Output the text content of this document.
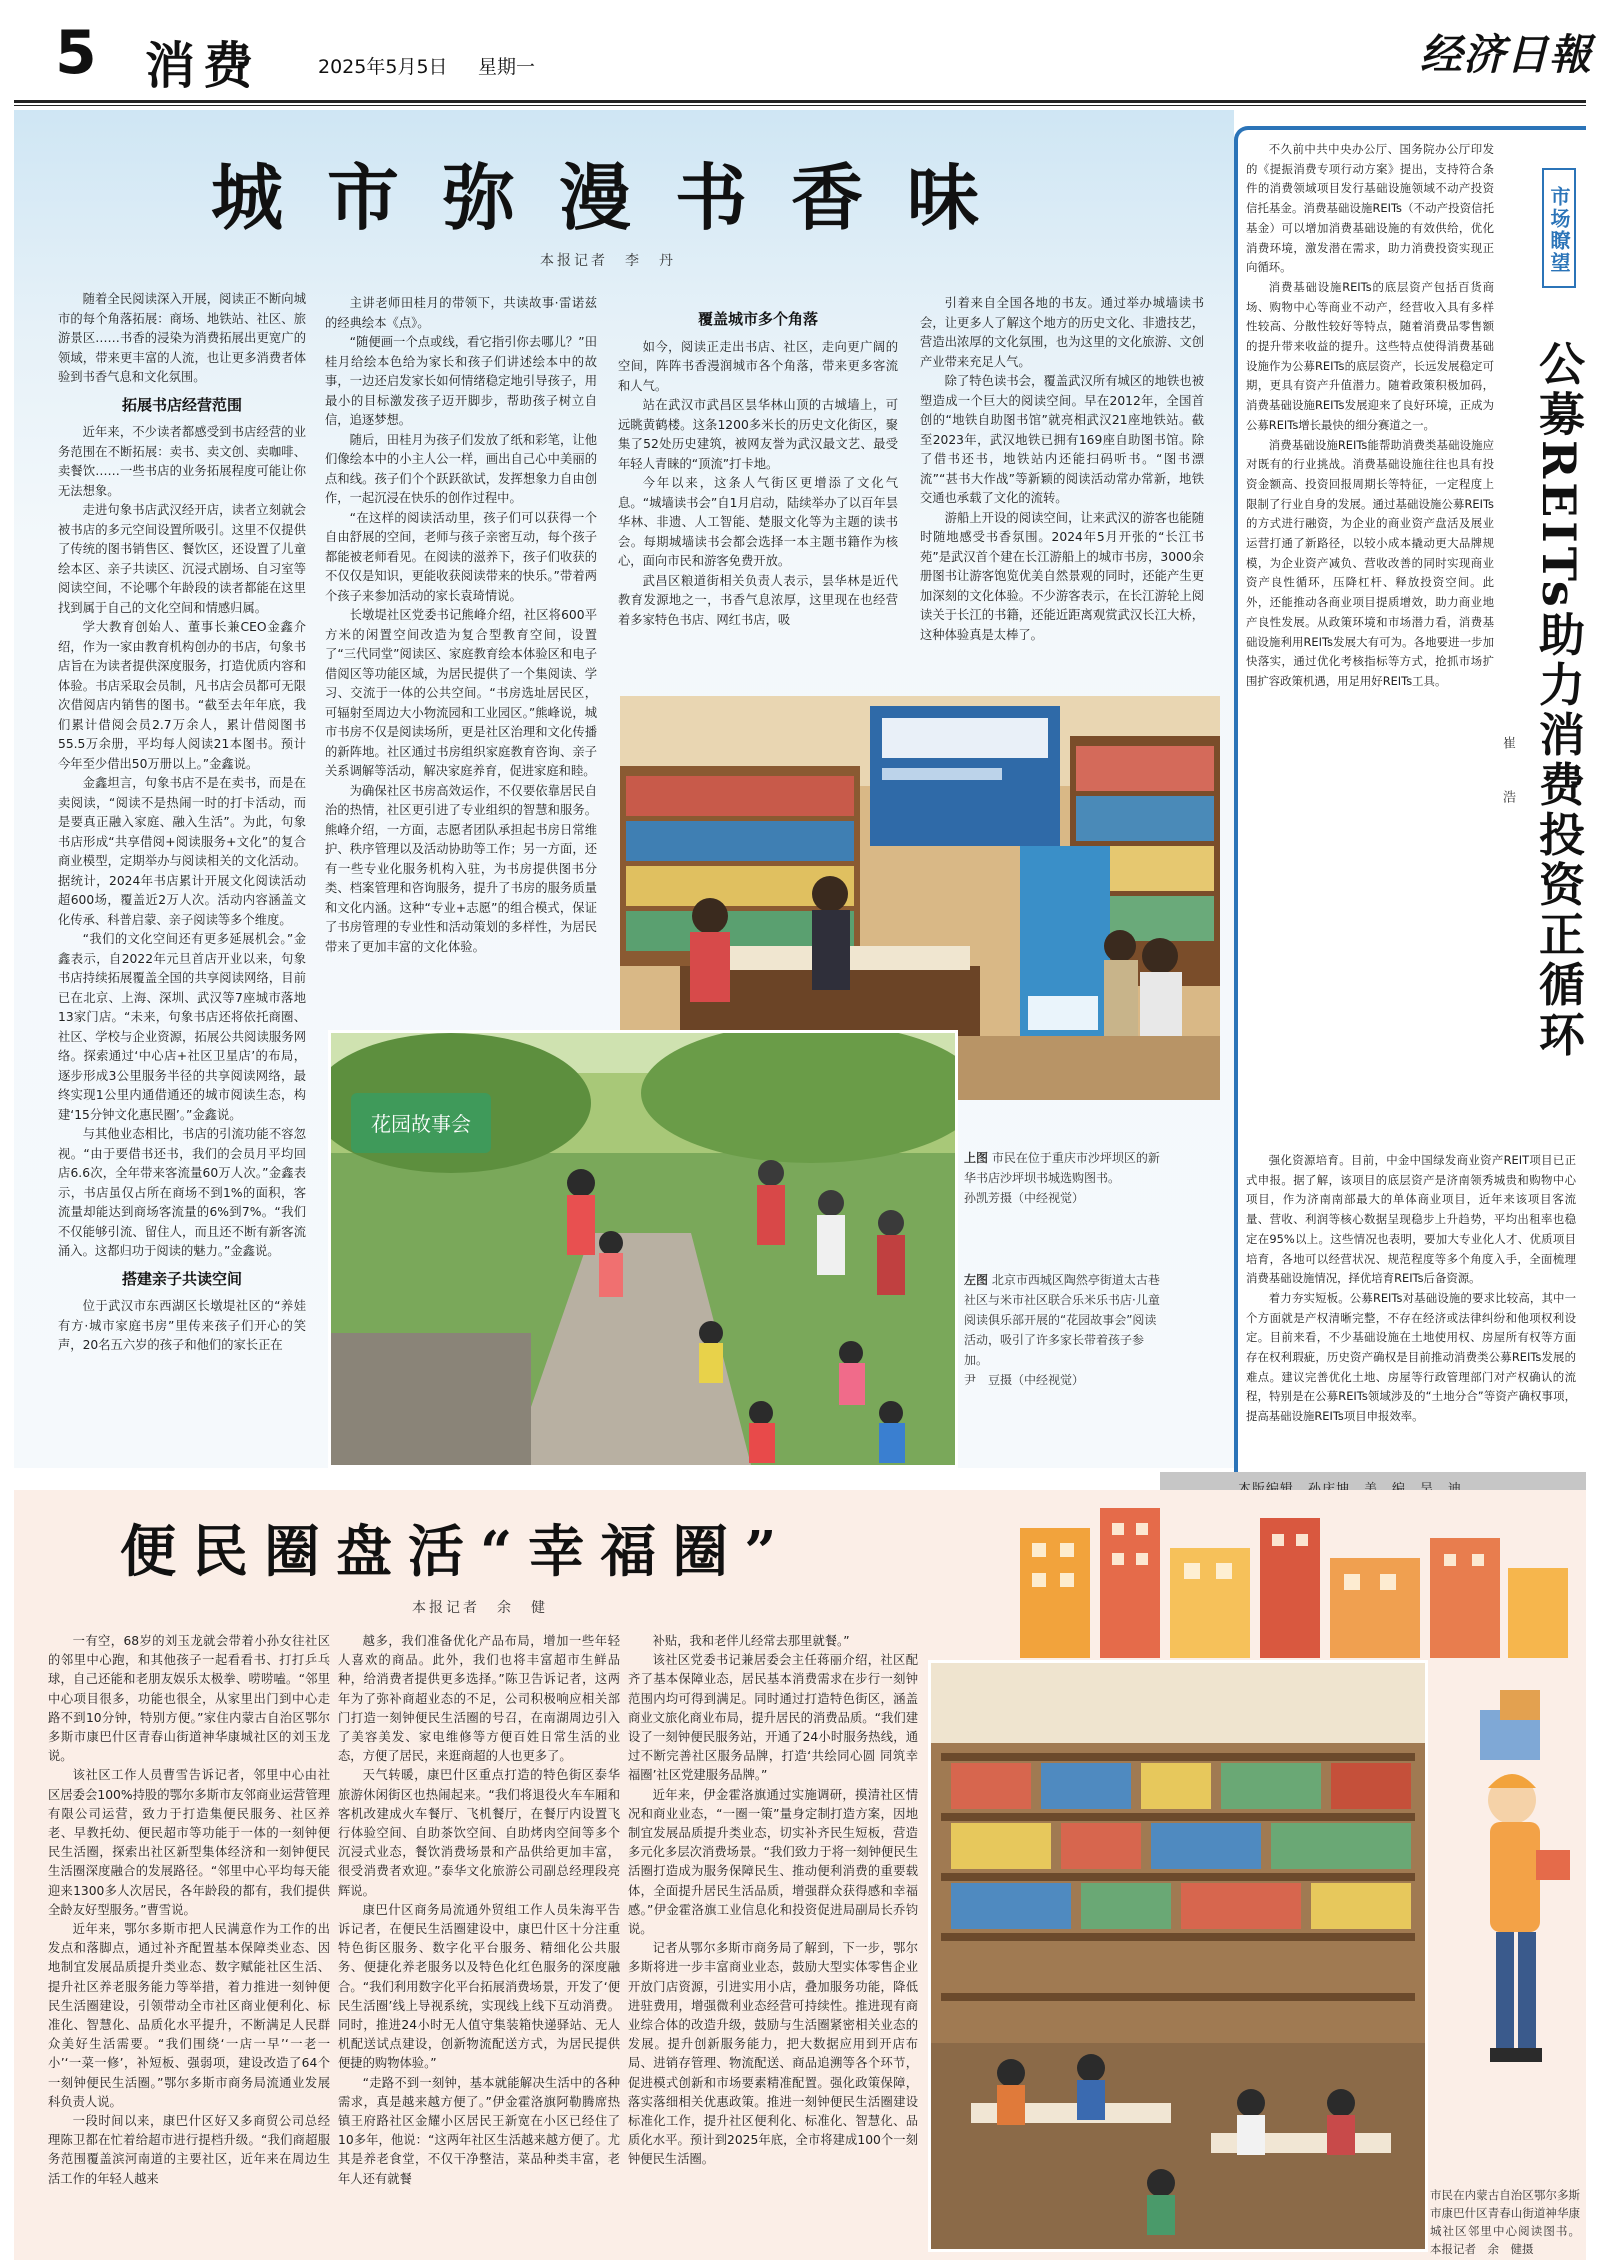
5 消费	2025年5月5日 星期一	经济日報
城市弥漫书香味
本报记者　李　丹

随着全民阅读深入开展，阅读正不断向城市的每个角落拓展：商场、地铁站、社区、旅游景区……书香的浸染为消费拓展出更宽广的领域，带来更丰富的人流，也让更多消费者体验到书香气息和文化氛围。

拓展书店经营范围

近年来，不少读者都感受到书店经营的业务范围在不断拓展：卖书、卖文创、卖咖啡、卖餐饮……一些书店的业务拓展程度可能让你无法想象。

走进句象书店武汉经开店，读者立刻就会被书店的多元空间设置所吸引。这里不仅提供了传统的图书销售区、餐饮区，还设置了儿童绘本区、亲子共读区、沉浸式剧场、自习室等阅读空间，不论哪个年龄段的读者都能在这里找到属于自己的文化空间和情感归属。

学大教育创始人、董事长兼CEO金鑫介绍，作为一家由教育机构创办的书店，句象书店旨在为读者提供深度服务，打造优质内容和体验。书店采取会员制，凡书店会员都可无限次借阅店内销售的图书。“截至去年年底，我们累计借阅会员2.7万余人，累计借阅图书55.5万余册，平均每人阅读21本图书。预计今年至少借出50万册以上。”金鑫说。

金鑫坦言，句象书店不是在卖书，而是在卖阅读，“阅读不是热闹一时的打卡活动，而是要真正融入家庭、融入生活”。为此，句象书店形成“共享借阅+阅读服务+文化”的复合商业模型，定期举办与阅读相关的文化活动。据统计，2024年书店累计开展文化阅读活动超600场，覆盖近2万人次。活动内容涵盖文化传承、科普启蒙、亲子阅读等多个维度。

“我们的文化空间还有更多延展机会。”金鑫表示，自2022年元旦首店开业以来，句象书店持续拓展覆盖全国的共享阅读网络，目前已在北京、上海、深圳、武汉等7座城市落地13家门店。“未来，句象书店还将依托商圈、社区、学校与企业资源，拓展公共阅读服务网络。探索通过‘中心店+社区卫星店’的布局，逐步形成3公里服务半径的共享阅读网络，最终实现1公里内通借通还的城市阅读生态，构建‘15分钟文化惠民圈’。”金鑫说。

与其他业态相比，书店的引流功能不容忽视。“由于要借书还书，我们的会员月平均回店6.6次，全年带来客流量60万人次。”金鑫表示，书店虽仅占所在商场不到1%的面积，客流量却能达到商场客流量的6%到7%。“我们不仅能够引流、留住人，而且还不断有新客流涌入。这都归功于阅读的魅力。”金鑫说。

搭建亲子共读空间

位于武汉市东西湖区长墩堤社区的“养娃有方·城市家庭书房”里传来孩子们开心的笑声，20名五六岁的孩子和他们的家长正在

主讲老师田桂月的带领下，共读故事·雷诺兹的经典绘本《点》。

“随便画一个点或线，看它指引你去哪儿？”田桂月给绘本色给为家长和孩子们讲述绘本中的故事，一边还启发家长如何情绪稳定地引导孩子，用最小的目标激发孩子迈开脚步，帮助孩子树立自信，追逐梦想。

随后，田桂月为孩子们发放了纸和彩笔，让他们像绘本中的小主人公一样，画出自己心中美丽的点和线。孩子们个个跃跃欲试，发挥想象力自由创作，一起沉浸在快乐的创作过程中。

“在这样的阅读活动里，孩子们可以获得一个自由舒展的空间，老师与孩子亲密互动，每个孩子都能被老师看见。在阅读的滋养下，孩子们收获的不仅仅是知识，更能收获阅读带来的快乐。”带着两个孩子来参加活动的家长袁琦情说。

长墩堤社区党委书记熊峰介绍，社区将600平方米的闲置空间改造为复合型教育空间，设置了“三代同堂”阅读区、家庭教育绘本体验区和电子借阅区等功能区域，为居民提供了一个集阅读、学习、交流于一体的公共空间。“书房选址居民区，可辐射至周边大小物流园和工业园区。”熊峰说，城市书房不仅是阅读场所，更是社区治理和文化传播的新阵地。社区通过书房组织家庭教育咨询、亲子关系调解等活动，解决家庭养育，促进家庭和睦。

为确保社区书房高效运作，不仅要依靠居民自治的热情，社区更引进了专业组织的智慧和服务。熊峰介绍，一方面，志愿者团队承担起书房日常维护、秩序管理以及活动协助等工作；另一方面，还有一些专业化服务机构入驻，为书房提供图书分类、档案管理和咨询服务，提升了书房的服务质量和文化内涵。这种“专业+志愿”的组合模式，保证了书房管理的专业性和活动策划的多样性，为居民带来了更加丰富的文化体验。

覆盖城市多个角落

如今，阅读正走出书店、社区，走向更广阔的空间，阵阵书香漫润城市各个角落，带来更多客流和人气。

站在武汉市武昌区昙华林山顶的古城墙上，可远眺黄鹤楼。这条1200多米长的历史文化街区，聚集了52处历史建筑，被网友誉为武汉最文艺、最受年轻人青睐的“顶流”打卡地。

今年以来，这条人气街区更增添了文化气息。“城墙读书会”自1月启动，陆续举办了以百年昙华林、非遗、人工智能、楚服文化等为主题的读书会。每期城墙读书会都会选择一本主题书籍作为核心，面向市民和游客免费开放。

武昌区粮道街相关负责人表示，昙华林是近代教育发源地之一，书香气息浓厚，这里现在也经营着多家特色书店、网红书店，吸

引着来自全国各地的书友。通过举办城墙读书会，让更多人了解这个地方的历史文化、非遗技艺，营造出浓厚的文化氛围，也为这里的文化旅游、文创产业带来充足人气。

除了特色读书会，覆盖武汉所有城区的地铁也被塑造成一个巨大的阅读空间。早在2012年，全国首创的“地铁自助图书馆”就亮相武汉21座地铁站。截至2023年，武汉地铁已拥有169座自助图书馆。除了借书还书，地铁站内还能扫码听书。“图书漂流”“甚书大作战”等新颖的阅读活动常办常新，地铁交通也承载了文化的流转。

游船上开设的阅读空间，让来武汉的游客也能随时随地感受书香氛围。2024年5月开张的“长江书苑”是武汉首个建在长江游船上的城市书房，3000余册图书让游客饱览优美自然景观的同时，还能产生更加深刻的文化体验。不少游客表示，在长江游轮上阅读关于长江的书籍，还能近距离观赏武汉长江大桥，这种体验真是太棒了。

花园故事会
上图 市民在位于重庆市沙坪坝区的新华书店沙坪坝书城选购图书。
孙凯芳摄（中经视觉）
左图 北京市西城区陶然亭街道太古巷社区与米市社区联合乐米乐书店·儿童阅读俱乐部开展的“花园故事会”阅读活动，吸引了许多家长带着孩子参加。
尹　豆摄（中经视觉）
市场瞭望
公募REITs助力消费投资正循环
崔　浩

不久前中共中央办公厅、国务院办公厅印发的《提振消费专项行动方案》提出，支持符合条件的消费领域项目发行基础设施领域不动产投资信托基金。消费基础设施REITs（不动产投资信托基金）可以增加消费基础设施的有效供给，优化消费环境，激发潜在需求，助力消费投资实现正向循环。

消费基础设施REITs的底层资产包括百货商场、购物中心等商业不动产，经营收入具有多样性较高、分散性较好等特点，随着消费品零售额的提升带来收益的提升。这些特点使得消费基础设施作为公募REITs的底层资产，长远发展稳定可期，更具有资产升值潜力。随着政策积极加码，消费基础设施REITs发展迎来了良好环境，正成为公募REITs增长最快的细分赛道之一。

消费基础设施REITs能帮助消费类基础设施应对既有的行业挑战。消费基础设施往往也具有投资金额高、投资回报周期长等特征，一定程度上限制了行业自身的发展。通过基础设施公募REITs的方式进行融资，为企业的商业资产盘活及展业运营打通了新路径，以较小成本撬动更大品牌规模，为企业资产减负、营收改善的同时实现商业资产良性循环，压降杠杆、释放投资空间。此外，还能推动各商业项目提质增效，助力商业地产良性发展。从政策环境和市场潜力看，消费基础设施利用REITs发展大有可为。各地要进一步加快落实，通过优化考核指标等方式，抢抓市场扩围扩容政策机遇，用足用好REITs工具。

强化资源培育。目前，中金中国绿发商业资产REIT项目已正式申报。据了解，该项目的底层资产是济南领秀城贵和购物中心项目，作为济南南部最大的单体商业项目，近年来该项目客流量、营收、利润等核心数据呈现稳步上升趋势，平均出租率也稳定在95%以上。这些情况也表明，要加大专业化人才、优质项目培育，各地可以经营状况、规范程度等多个角度入手，全面梳理消费基础设施情况，择优培育REITs后备资源。

着力夯实短板。公募REITs对基础设施的要求比较高，其中一个方面就是产权清晰完整，不存在经济或法律纠纷和他项权利设定。目前来看，不少基础设施在土地使用权、房屋所有权等方面存在权利瑕疵，历史资产确权是目前推动消费类公募REITs发展的难点。建议完善优化土地、房屋等行政管理部门对产权确认的流程，特别是在公募REITs领域涉及的“土地分合”等资产确权事项，提高基础设施REITs项目申报效率。

便民圈盘活“幸福圈”
本报记者　余　健

一有空，68岁的刘玉龙就会带着小孙女往社区的邻里中心跑，和其他孩子一起看看书、打打乒乓球，自己还能和老朋友娱乐太极拳、唠唠嗑。“邻里中心项目很多，功能也很全，从家里出门到中心走路不到10分钟，特别方便。”家住内蒙古自治区鄂尔多斯市康巴什区青春山街道神华康城社区的刘玉龙说。

该社区工作人员曹雪告诉记者，邻里中心由社区居委会100%持股的鄂尔多斯市友邻商业运营管理有限公司运营，致力于打造集便民服务、社区养老、早教托幼、便民超市等功能于一体的一刻钟便民生活圈，探索出社区新型集体经济和一刻钟便民生活圈深度融合的发展路径。“邻里中心平均每天能迎来1300多人次居民，各年龄段的都有，我们提供全龄友好型服务。”曹雪说。

近年来，鄂尔多斯市把人民满意作为工作的出发点和落脚点，通过补齐配置基本保障类业态、因地制宜发展品质提升类业态、数字赋能社区生活、提升社区养老服务能力等举措，着力推进一刻钟便民生活圈建设，引领带动全市社区商业便利化、标准化、智慧化、品质化水平提升，不断满足人民群众美好生活需要。“我们围绕‘一店一早’‘一老一小’‘一菜一修’，补短板、强弱项，建设改造了64个一刻钟便民生活圈。”鄂尔多斯市商务局流通业发展科负责人说。

一段时间以来，康巴什区好又多商贸公司总经理陈卫都在忙着给超市进行提档升级。“我们商超服务范围覆盖滨河南道的主要社区，近年来在周边生活工作的年轻人越来

越多，我们准备优化产品布局，增加一些年轻人喜欢的商品。此外，我们也将丰富超市生鲜品种，给消费者提供更多选择。”陈卫告诉记者，这两年为了弥补商超业态的不足，公司积极响应相关部门打造一刻钟便民生活圈的号召，在南湖周边引入了美容美发、家电维修等方便百姓日常生活的业态，方便了居民，来逛商超的人也更多了。

天气转暖，康巴什区重点打造的特色街区泰华旅游休闲街区也热闹起来。“我们将退役火车车厢和客机改建成火车餐厅、飞机餐厅，在餐厅内设置飞行体验空间、自助茶饮空间、自助烤肉空间等多个沉浸式业态，餐饮消费场景和产品供给更加丰富，很受消费者欢迎。”泰华文化旅游公司副总经理段亮辉说。

康巴什区商务局流通外贸组工作人员朱海平告诉记者，在便民生活圈建设中，康巴什区十分注重特色街区服务、数字化平台服务、精细化公共服务、便捷化养老服务以及特色化红色服务的深度融合。“我们利用数字化平台拓展消费场景，开发了‘便民生活圈’线上导视系统，实现线上线下互动消费。同时，推进24小时无人值守集装箱快递驿站、无人机配送试点建设，创新物流配送方式，为居民提供便捷的购物体验。”

“走路不到一刻钟，基本就能解决生活中的各种需求，真是越来越方便了。”伊金霍洛旗阿勒腾席热镇王府路社区金耀小区居民王新宽在小区已经住了10多年，他说：“这两年社区生活越来越方便了。尤其是养老食堂，不仅干净整洁，菜品种类丰富，老年人还有就餐

补贴，我和老伴儿经常去那里就餐。”

该社区党委书记兼居委会主任蒋丽介绍，社区配齐了基本保障业态，居民基本消费需求在步行一刻钟范围内均可得到满足。同时通过打造特色街区，涵盖商业文旅化商业布局，提升居民的消费品质。“我们建设了一刻钟便民服务站，开通了24小时服务热线，通过不断完善社区服务品牌，打造‘共绘同心圆 同筑幸福圈’社区党建服务品牌。”

近年来，伊金霍洛旗通过实施调研，摸清社区情况和商业业态，“一圈一策”量身定制打造方案，因地制宜发展品质提升类业态，切实补齐民生短板，营造多元化多层次消费场景。“我们致力于将一刻钟便民生活圈打造成为服务保障民生、推动便利消费的重要载体，全面提升居民生活品质，增强群众获得感和幸福感。”伊金霍洛旗工业信息化和投资促进局副局长乔钧说。

记者从鄂尔多斯市商务局了解到，下一步，鄂尔多斯将进一步丰富商业业态，鼓励大型实体零售企业开放门店资源，引进实用小店，叠加服务功能，降低进驻费用，增强微利业态经营可持续性。推进现有商业综合体的改造升级，鼓励与生活圈紧密相关业态的发展。提升创新服务能力，把大数据应用到开店布局、进销存管理、物流配送、商品追溯等各个环节，促进模式创新和市场要素精准配置。强化政策保障，落实落细相关优惠政策。推进一刻钟便民生活圈建设标准化工作，提升社区便利化、标准化、智慧化、品质化水平。预计到2025年底，全市将建成100个一刻钟便民生活圈。

市民在内蒙古自治区鄂尔多斯市康巴什区青春山街道神华康城社区邻里中心阅读图书。 本报记者　余　健摄
